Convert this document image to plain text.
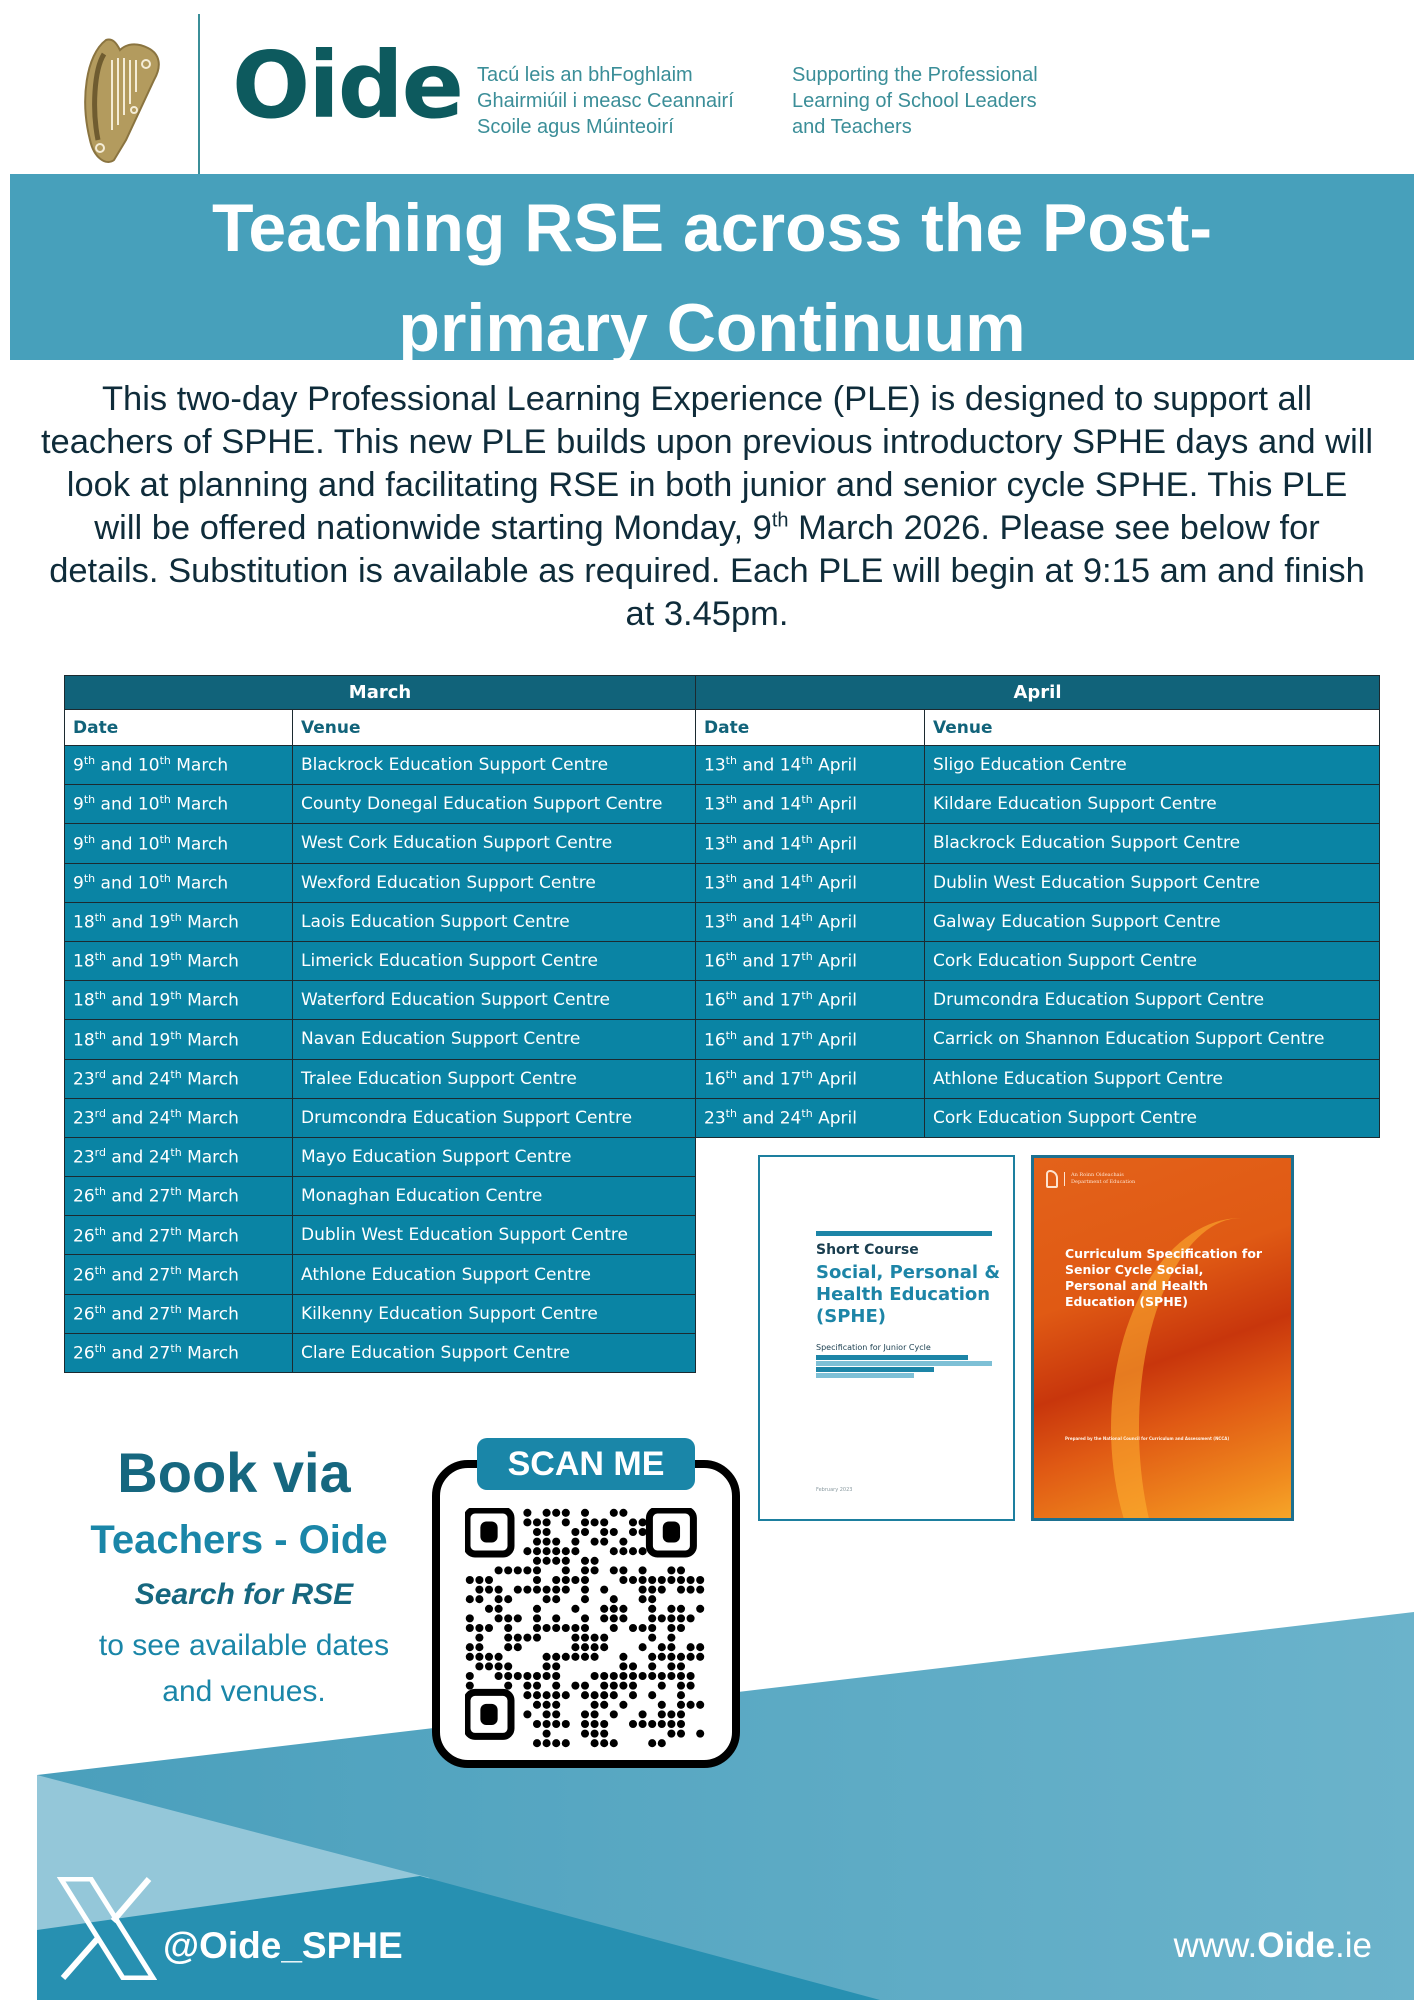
Oide Tacú leis an bhFoghlaim
Ghairmiúil i measc Ceannairí
Scoile agus Múinteoirí
Supporting the Professional
Learning of School Leaders
and Teachers
Teaching RSE across the Post-
primary Continuum

This two-day Professional Learning Experience (PLE) is designed to support all teachers of SPHE. This new PLE builds upon previous introductory SPHE days and will look at planning and facilitating RSE in both junior and senior cycle SPHE. This PLE will be offered nationwide starting Monday, 9th March 2026. Please see below for details. Substitution is available as required. Each PLE will begin at 9:15 am and finish at 3.45pm.

March	
Date	Venue
9th and 10th March	Blackrock Education Support Centre
9th and 10th March	County Donegal Education Support Centre
9th and 10th March	West Cork Education Support Centre
9th and 10th March	Wexford Education Support Centre
18th and 19th March	Laois Education Support Centre
18th and 19th March	Limerick Education Support Centre
18th and 19th March	Waterford Education Support Centre
18th and 19th March	Navan Education Support Centre
23rd and 24th March	Tralee Education Support Centre
23rd and 24th March	Drumcondra Education Support Centre
23rd and 24th March	Mayo Education Support Centre
26th and 27th March	Monaghan Education Centre
26th and 27th March	Dublin West Education Support Centre
26th and 27th March	Athlone Education Support Centre
26th and 27th March	Kilkenny Education Support Centre
26th and 27th March	Clare Education Support Centre
April	
Date	Venue
13th and 14th April	Sligo Education Centre
13th and 14th April	Kildare Education Support Centre
13th and 14th April	Blackrock Education Support Centre
13th and 14th April	Dublin West Education Support Centre
13th and 14th April	Galway Education Support Centre
16th and 17th April	Cork Education Support Centre
16th and 17th April	Drumcondra Education Support Centre
16th and 17th April	Carrick on Shannon Education Support Centre
16th and 17th April	Athlone Education Support Centre
23th and 24th April	Cork Education Support Centre
Short Course
Social, Personal & Health Education (SPHE)
Specification for Junior Cycle
February 2023
An Roinn Oideachais
Department of Education
Curriculum Specification for Senior Cycle Social, Personal and Health Education (SPHE)
Prepared by the National Council for Curriculum and Assessment (NCCA)
Book via
Teachers - Oide
Search for RSE
to see available dates
and venues.
SCAN ME
@Oide_SPHE	www.Oide.ie
